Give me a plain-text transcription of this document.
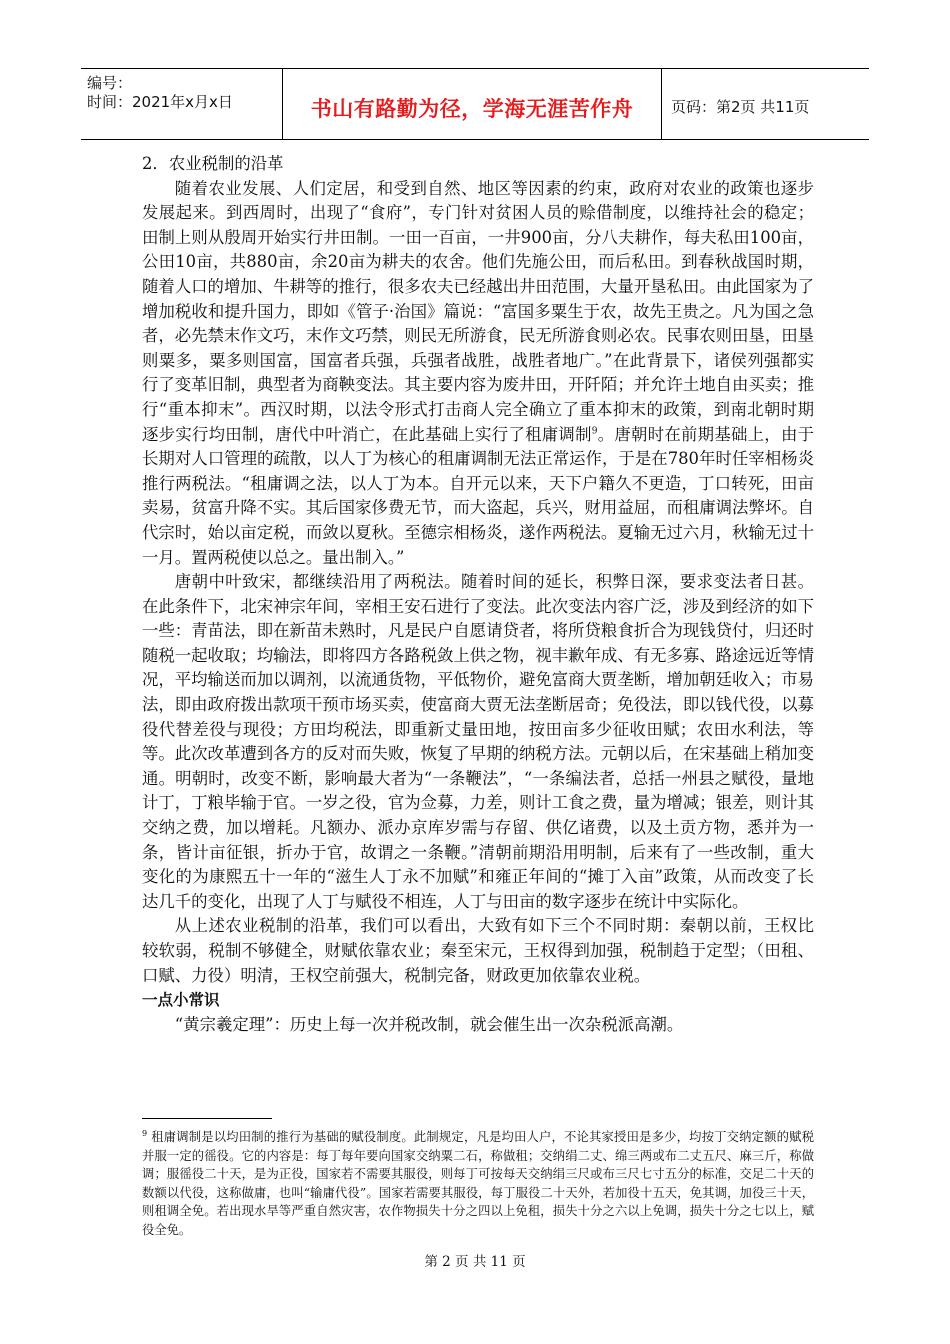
编号：
时间：2021年x月x日	书山有路勤为径，学海无涯苦作舟	页码：第2页 共11页

2．农业税制的沿革

随着农业发展、人们定居，和受到自然、地区等因素的约束，政府对农业的政策也逐步发展起来。到西周时，出现了“食府”，专门针对贫困人员的赊借制度，以维持社会的稳定；田制上则从殷周开始实行井田制。一田一百亩，一井900亩，分八夫耕作，每夫私田100亩，公田10亩，共880亩，余20亩为耕夫的农舍。他们先施公田，而后私田。到春秋战国时期，随着人口的增加、牛耕等的推行，很多农夫已经越出井田范围，大量开垦私田。由此国家为了增加税收和提升国力，即如《管子·治国》篇说：“富国多粟生于农，故先王贵之。凡为国之急者，必先禁末作文巧，末作文巧禁，则民无所游食，民无所游食则必农。民事农则田垦，田垦则粟多，粟多则国富，国富者兵强，兵强者战胜，战胜者地广。”在此背景下，诸侯列强都实行了变革旧制，典型者为商鞅变法。其主要内容为废井田，开阡陌；并允许土地自由买卖；推行“重本抑末”。西汉时期，以法令形式打击商人完全确立了重本抑末的政策，到南北朝时期逐步实行均田制，唐代中叶消亡，在此基础上实行了租庸调制$^9$。唐朝时在前期基础上，由于长期对人口管理的疏散，以人丁为核心的租庸调制无法正常运作，于是在780年时任宰相杨炎推行两税法。“租庸调之法，以人丁为本。自开元以来，天下户籍久不更造，丁口转死，田亩卖易，贫富升降不实。其后国家侈费无节，而大盗起，兵兴，财用益屈，而租庸调法弊坏。自代宗时，始以亩定税，而敛以夏秋。至德宗相杨炎，遂作两税法。夏输无过六月，秋输无过十一月。置两税使以总之。量出制入。”

唐朝中叶致宋，都继续沿用了两税法。随着时间的延长，积弊日深，要求变法者日甚。在此条件下，北宋神宗年间，宰相王安石进行了变法。此次变法内容广泛，涉及到经济的如下一些：青苗法，即在新苗未熟时，凡是民户自愿请贷者，将所贷粮食折合为现钱贷付，归还时随税一起收取；均输法，即将四方各路税敛上供之物，视丰歉年成、有无多寡、路途远近等情况，平均输送而加以调剂，以流通货物，平低物价，避免富商大贾垄断，增加朝廷收入；市易法，即由政府拨出款项干预市场买卖，使富商大贾无法垄断居奇；免役法，即以钱代役，以募役代替差役与现役；方田均税法，即重新丈量田地，按田亩多少征收田赋；农田水利法，等等。此次改革遭到各方的反对而失败，恢复了早期的纳税方法。元朝以后，在宋基础上稍加变通。明朝时，改变不断，影响最大者为“一条鞭法”，“一条编法者，总括一州县之赋役，量地计丁，丁粮毕输于官。一岁之役，官为佥募，力差，则计工食之费，量为增减；银差，则计其交纳之费，加以增耗。凡额办、派办京库岁需与存留、供亿诸费，以及土贡方物，悉并为一条，皆计亩征银，折办于官，故谓之一条鞭。”清朝前期沿用明制，后来有了一些改制，重大变化的为康熙五十一年的“滋生人丁永不加赋”和雍正年间的“摊丁入亩”政策，从而改变了长达几千的变化，出现了人丁与赋役不相连，人丁与田亩的数字逐步在统计中实际化。

从上述农业税制的沿革，我们可以看出，大致有如下三个不同时期：秦朝以前，王权比较软弱，税制不够健全，财赋依靠农业；秦至宋元，王权得到加强，税制趋于定型；（田租、口赋、力役）明清，王权空前强大，税制完备，财政更加依靠农业税。

一点小常识

“黄宗羲定理”：历史上每一次并税改制，就会催生出一次杂税派高潮。

$^9$ 租庸调制是以均田制的推行为基础的赋役制度。此制规定，凡是均田人户，不论其家授田是多少，均按丁交纳定额的赋税并服一定的徭役。它的内容是：每丁每年要向国家交纳粟二石，称做租；交纳绢二丈、绵三两或布二丈五尺、麻三斤，称做调；服徭役二十天，是为正役，国家若不需要其服役，则每丁可按每天交纳绢三尺或布三尺七寸五分的标准，交足二十天的数额以代役，这称做庸，也叫“输庸代役”。国家若需要其服役，每丁服役二十天外，若加役十五天，免其调，加役三十天，则租调全免。若出现水旱等严重自然灾害，农作物损失十分之四以上免租，损失十分之六以上免调，损失十分之七以上，赋役全免。

第 2 页 共 11 页
